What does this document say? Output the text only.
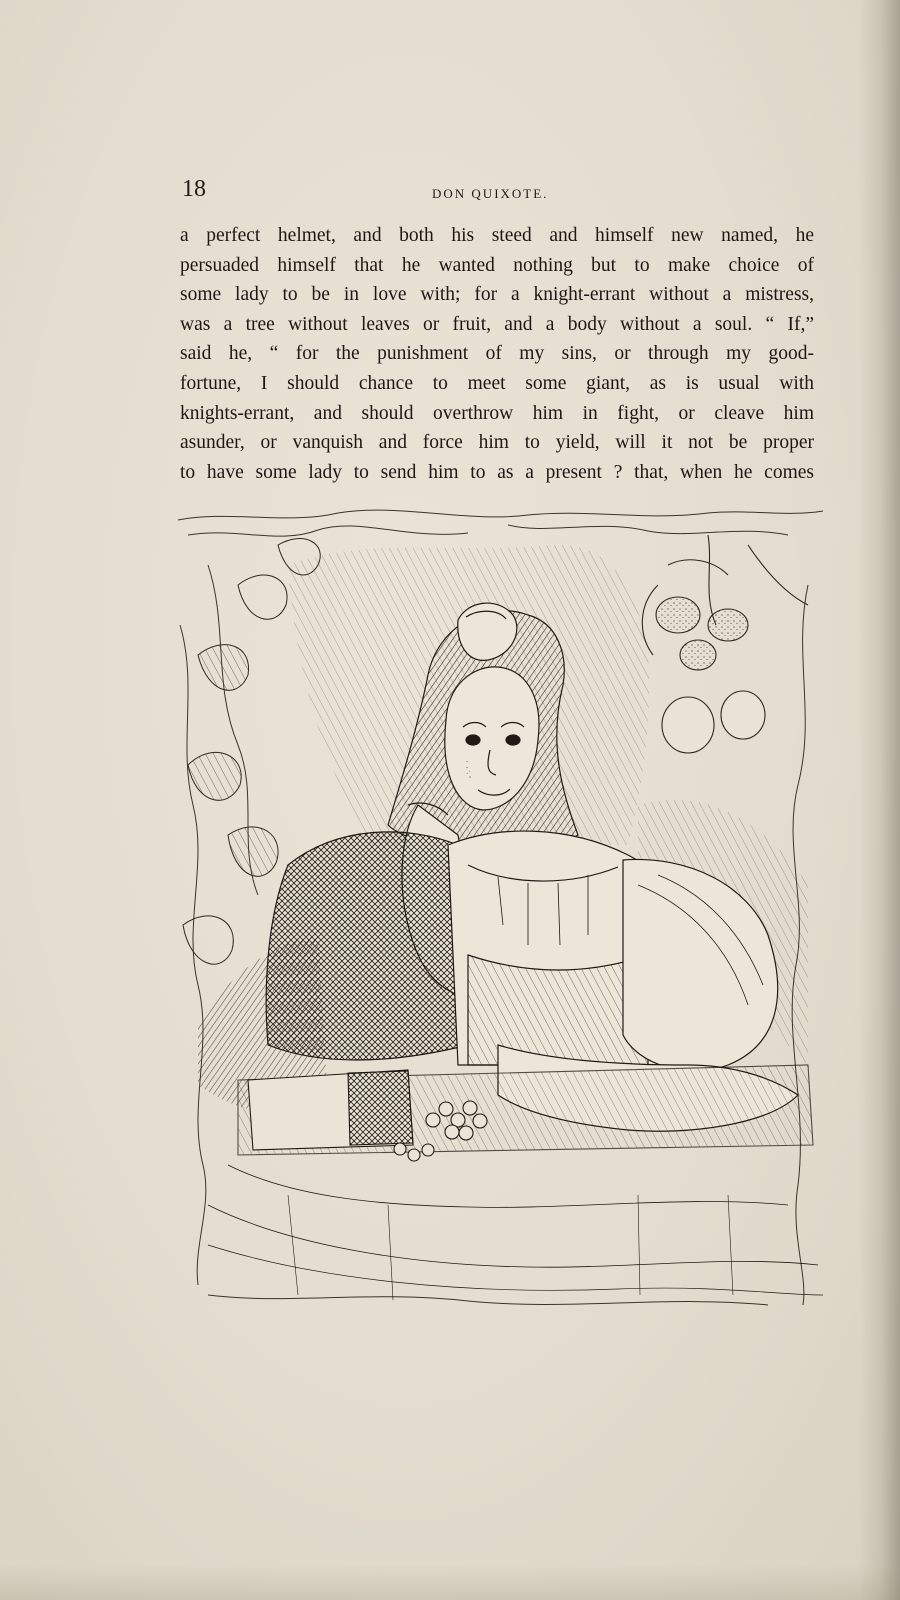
18	DON QUIXOTE.
a perfect helmet, and both his steed and himself new named, he
persuaded himself that he wanted nothing but to make choice of
some lady to be in love with; for a knight-errant without a mistress,
was a tree without leaves or fruit, and a body without a soul. “ If,”
said he, “ for the punishment of my sins, or through my good-
fortune, I should chance to meet some giant, as is usual with
knights-errant, and should overthrow him in fight, or cleave him
asunder, or vanquish and force him to yield, will it not be proper
to have some lady to send him to as a present ? that, when he comes
